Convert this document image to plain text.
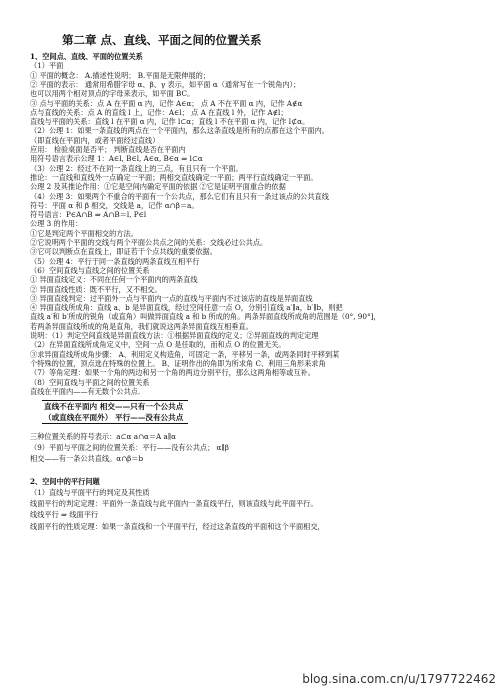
第二章 点、直线、平面之间的位置关系
1、空间点、直线、平面的位置关系
（1）平面
① 平面的概念： A.描述性说明； B.平面是无限伸展的；
② 平面的表示： 通常用希腊字母 α、β、γ 表示，如平面 α（通常写在一个锐角内）；
也可以用两个相对顶点的字母来表示，如平面 BC。
③ 点与平面的关系：点 A 在平面 α 内，记作 A∈α； 点 A 不在平面 α 内，记作 A∉α
点与直线的关系：点 A 的直线 l 上，记作：A∈l； 点 A 在直线 l 外，记作 A∉l；
直线与平面的关系：直线 l 在平面 α 内，记作 l⊂α；直线 l 不在平面 α 内，记作 l⊄α。
（2）公理 1：如果一条直线的两点在一个平面内，那么这条直线是所有的点都在这个平面内。
（即直线在平面内，或者平面经过直线）
应用： 检验桌面是否平； 判断直线是否在平面内
用符号语言表示公理 1：A∈l, B∈l, A∈α, B∈α ⇒ l⊂α
（3）公理 2：经过不在同一条直线上的三点，有且只有一个平面。
推论：一直线和直线外一点确定一平面；两相交直线确定一平面；两平行直线确定一平面。
公理 2 及其推论作用：①它是空间内确定平面的依据 ②它是证明平面重合的依据
（4）公理 3：如果两个不重合的平面有一个公共点，那么它们有且只有一条过该点的公共直线
符号：平面 α 和 β 相交，交线是 a，记作 α∩β＝a。
符号语言：P∈A∩B ⇒ A∩B＝l, P∈l
公理 3 的作用：
①它是判定两个平面相交的方法。
②它说明两个平面的交线与两个平面公共点之间的关系：交线必过公共点。
③它可以判断点在直线上，即证若干个点共线的重要依据。
（5）公理 4：平行于同一条直线的两条直线互相平行
（6）空间直线与直线之间的位置关系
① 异面直线定义：不同在任何一个平面内的两条直线
② 异面直线性质：既不平行，又不相交。
③ 异面直线判定：过平面外一点与平面内一点的直线与平面内不过该店的直线是异面直线
④ 异面直线所成角：直线 a、b 是异面直线，经过空间任意一点 O，分别引直线 a′∥a，b′∥b，则把
直线 a′和 b′所成的锐角（或直角）叫做异面直线 a 和 b 所成的角。两条异面直线所成角的范围是（0°, 90°]，
若两条异面直线所成的角是直角，我们就说这两条异面直线互相垂直。
说明：（1）判定空间直线是异面直线方法：①根据异面直线的定义；②异面直线的判定定理
（2）在异面直线所成角定义中，空间一点 O 是任取的，而和点 O 的位置无关。
③求异面直线所成角步骤： A、利用定义构造角，可固定一条，平移另一条，或两条同时平移到某
个特殊的位置，顶点选在特殊的位置上。 B、证明作出的角即为所求角 C、利用三角形来求角
（7）等角定理：如果一个角的两边和另一个角的两边分别平行，那么这两角相等或互补。
（8）空间直线与平面之间的位置关系
直线在平面内——有无数个公共点.
直线不在平面内 相交——只有一个公共点
（或直线在平面外） 平行——没有公共点
三种位置关系的符号表示：a⊂α a∩α＝A a∥α
（9）平面与平面之间的位置关系：平行——没有公共点； α∥β
相交——有一条公共直线。α∩β＝b
2、空间中的平行问题
（1）直线与平面平行的判定及其性质
线面平行的判定定理：平面外一条直线与此平面内一条直线平行，则该直线与此平面平行。
线线平行 ⇒ 线面平行
线面平行的性质定理：如果一条直线和一个平面平行，经过这条直线的平面和这个平面相交，
blog.sina.com.cn/u/1797722462
